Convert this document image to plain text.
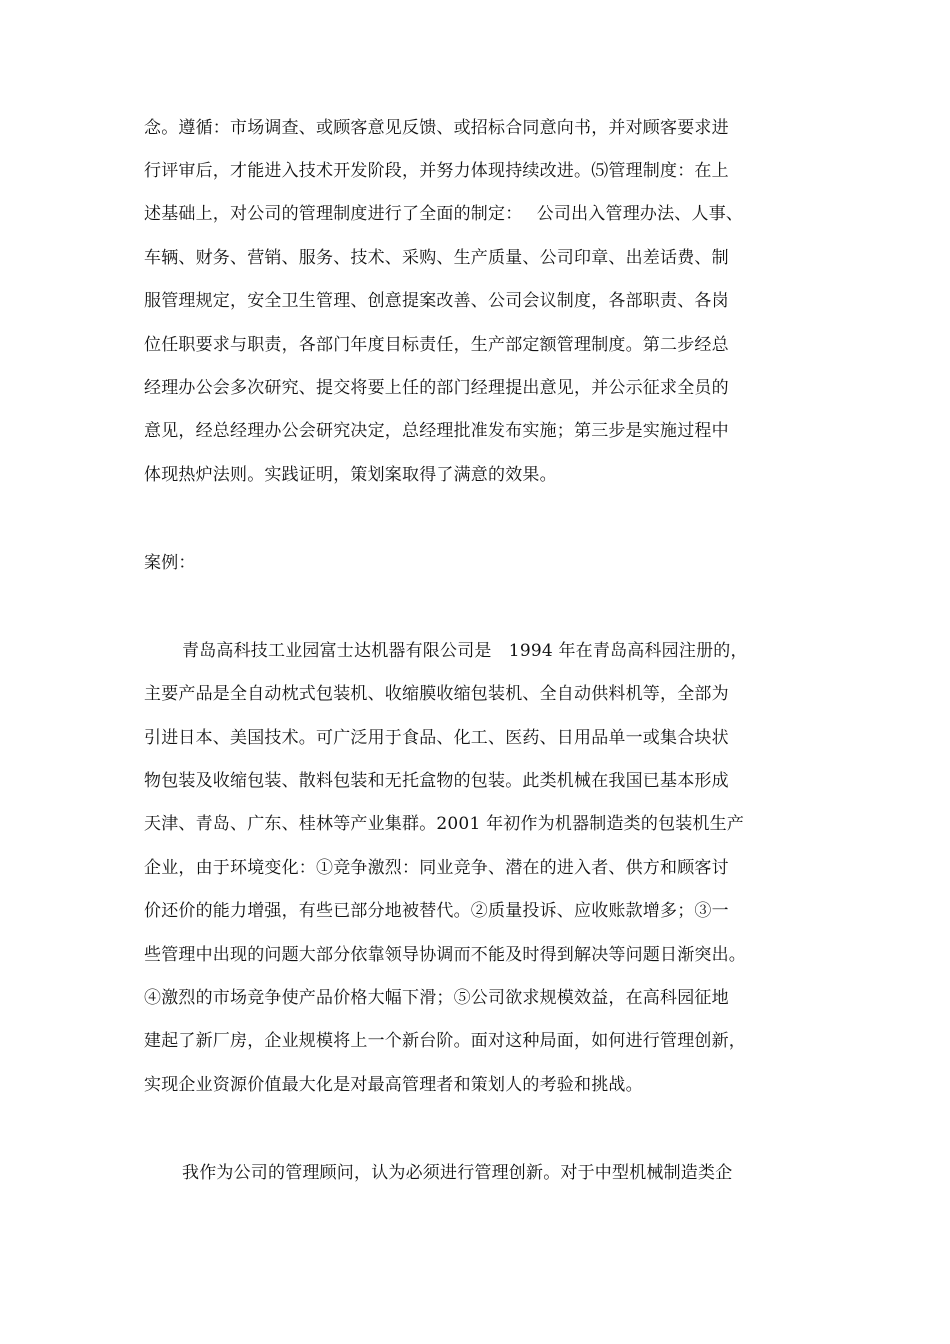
念。遵循：市场调查、或顾客意见反馈、或招标合同意向书，并对顾客要求进
行评审后，才能进入技术开发阶段，并努力体现持续改进。⑸管理制度：在上
述基础上，对公司的管理制度进行了全面的制定：　 公司出入管理办法、人事、
车辆、财务、营销、服务、技术、采购、生产质量、公司印章、出差话费、制
服管理规定，安全卫生管理、创意提案改善、公司会议制度，各部职责、各岗
位任职要求与职责，各部门年度目标责任，生产部定额管理制度。第二步经总
经理办公会多次研究、提交将要上任的部门经理提出意见，并公示征求全员的
意见，经总经理办公会研究决定，总经理批准发布实施；第三步是实施过程中
体现热炉法则。实践证明，策划案取得了满意的效果。
案例：
青岛高科技工业园富士达机器有限公司是　1994 年在青岛高科园注册的，
主要产品是全自动枕式包装机、收缩膜收缩包装机、全自动供料机等，全部为
引进日本、美国技术。可广泛用于食品、化工、医药、日用品单一或集合块状
物包装及收缩包装、散料包装和无托盒物的包装。此类机械在我国已基本形成
天津、青岛、广东、桂林等产业集群。2001 年初作为机器制造类的包装机生产
企业，由于环境变化：①竞争激烈：同业竞争、潜在的进入者、供方和顾客讨
价还价的能力增强，有些已部分地被替代。②质量投诉、应收账款增多；③一
些管理中出现的问题大部分依靠领导协调而不能及时得到解决等问题日渐突出。
④激烈的市场竞争使产品价格大幅下滑；⑤公司欲求规模效益，在高科园征地
建起了新厂房，企业规模将上一个新台阶。面对这种局面，如何进行管理创新，
实现企业资源价值最大化是对最高管理者和策划人的考验和挑战。
我作为公司的管理顾问，认为必须进行管理创新。对于中型机械制造类企
